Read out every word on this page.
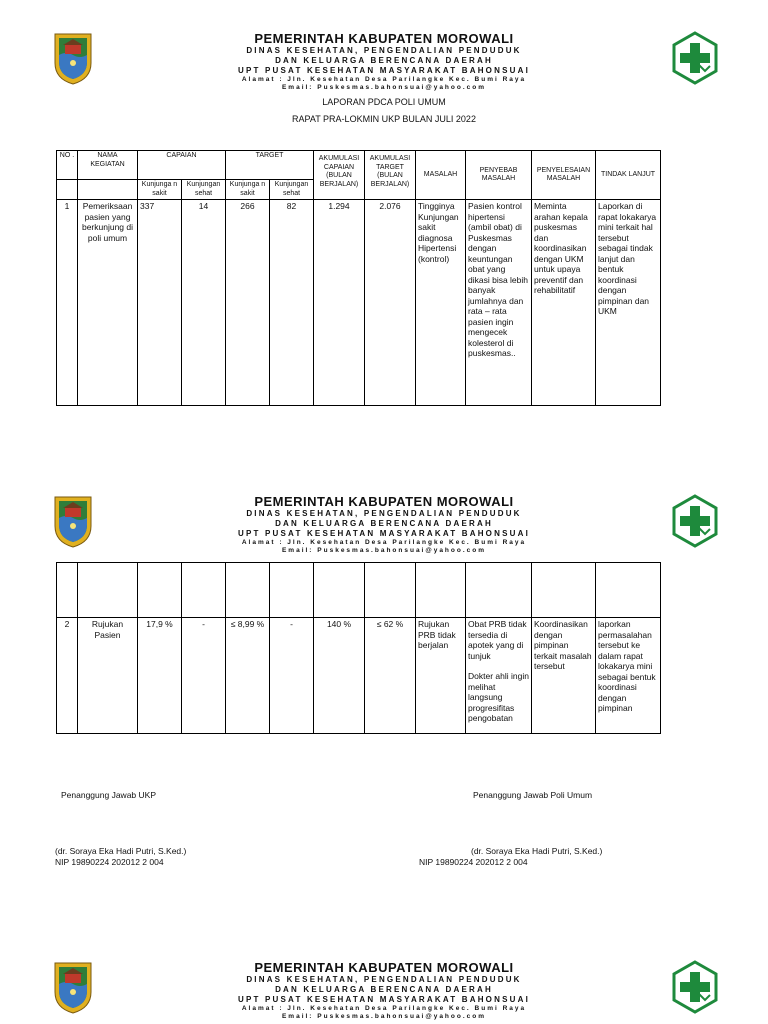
PEMERINTAH KABUPATEN MOROWALI
DINAS KESEHATAN, PENGENDALIAN PENDUDUK
DAN KELUARGA BERENCANA DAERAH
UPT PUSAT KESEHATAN MASYARAKAT BAHONSUAI
Alamat : Jln. Kesehatan Desa Parilangke Kec. Bumi Raya
Email: Puskesmas.bahonsuai@yahoo.com
LAPORAN PDCA POLI UMUM
RAPAT PRA-LOKMIN UKP BULAN JULI 2022
NO .	NAMA KEGIATAN	CAPAIAN		TARGET		AKUMULASI CAPAIAN (BULAN BERJALAN)	AKUMULASI TARGET (BULAN BERJALAN)	MASALAH	PENYEBAB MASALAH	PENYELESAIAN MASALAH	TINDAK LANJUT

		Kunjunga n sakit	Kunjungan sehat	Kunjunga n sakit	Kunjungan sehat						
1	Pemeriksaan pasien yang berkunjung di poli umum	337	14	266	82	1.294	2.076	Tingginya Kunjungan sakit diagnosa Hipertensi (kontrol)	Pasien kontrol hipertensi (ambil obat) di Puskesmas dengan keuntungan obat yang dikasi bisa lebih banyak jumlahnya dan rata – rata pasien ingin mengecek kolesterol di puskesmas..	Meminta arahan kepala puskesmas dan koordinasikan dengan UKM untuk upaya preventif dan rehabilitatif	Laporkan di rapat lokakarya mini terkait hal tersebut sebagai tindak lanjut dan bentuk koordinasi dengan pimpinan dan UKM
PEMERINTAH KABUPATEN MOROWALI
DINAS KESEHATAN, PENGENDALIAN PENDUDUK
DAN KELUARGA BERENCANA DAERAH
UPT PUSAT KESEHATAN MASYARAKAT BAHONSUAI
Alamat : Jln. Kesehatan Desa Parilangke Kec. Bumi Raya
Email: Puskesmas.bahonsuai@yahoo.com

2	Rujukan Pasien	17,9 %	-	≤ 8,99 %	-	140 %	≤ 62 %	Rujukan PRB tidak berjalan	Obat PRB tidak tersedia di apotek yang di tunjuk
Dokter ahli ingin melihat langsung progresifitas pengobatan	Koordinasikan dengan pimpinan terkait masalah tersebut	laporkan permasalahan tersebut ke dalam rapat lokakarya mini sebagai bentuk koordinasi dengan pimpinan
Penanggung Jawab UKP	Penanggung Jawab Poli Umum
(dr. Soraya Eka Hadi Putri, S.Ked.)
NIP 19890224 202012 2 004
(dr. Soraya Eka Hadi Putri, S.Ked.)
NIP 19890224 202012 2 004
PEMERINTAH KABUPATEN MOROWALI
DINAS KESEHATAN, PENGENDALIAN PENDUDUK
DAN KELUARGA BERENCANA DAERAH
UPT PUSAT KESEHATAN MASYARAKAT BAHONSUAI
Alamat : Jln. Kesehatan Desa Parilangke Kec. Bumi Raya
Email: Puskesmas.bahonsuai@yahoo.com
